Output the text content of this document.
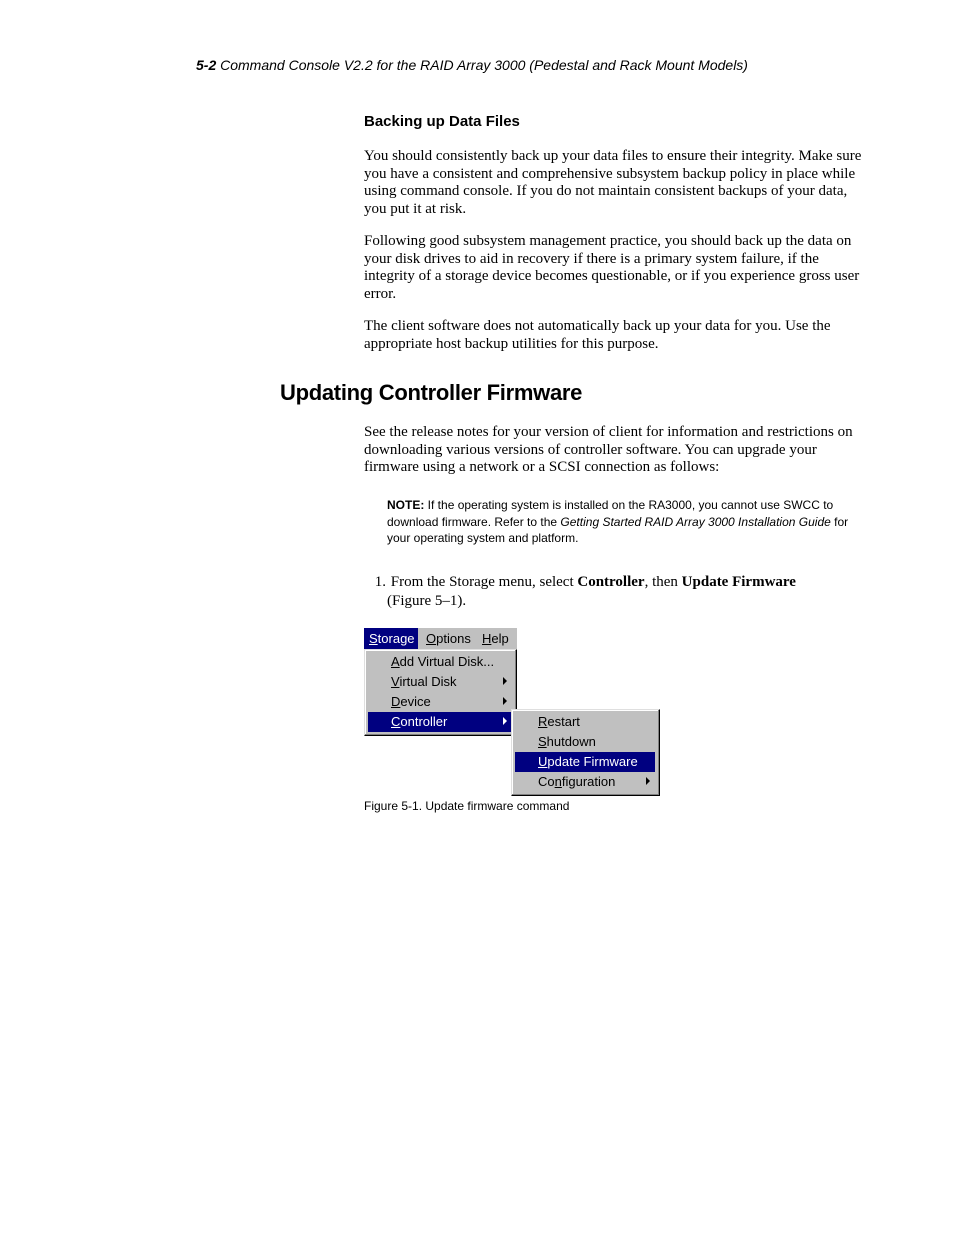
5-2 Command Console V2.2 for the RAID Array 3000 (Pedestal and Rack Mount Models)
Backing up Data Files

You should consistently back up your data files to ensure their integrity. Make sure you have a consistent and comprehensive subsystem backup policy in place while using command console. If you do not maintain consistent backups of your data, you put it at risk.

Following good subsystem management practice, you should back up the data on your disk drives to aid in recovery if there is a primary system failure, if the integrity of a storage device becomes questionable, or if you experience gross user error.

The client software does not automatically back up your data for you. Use the appropriate host backup utilities for this purpose.

Updating Controller Firmware

See the release notes for your version of client for information and restrictions on downloading various versions of controller software. You can upgrade your firmware using a network or a SCSI connection as follows:

NOTE: If the operating system is installed on the RA3000, you cannot use SWCC to download firmware. Refer to the Getting Started RAID Array 3000 Installation Guide for your operating system and platform.
1. From the Storage menu, select Controller, then Update Firmware
(Figure 5–1).
Storage Options Help
Add Virtual Disk...
Virtual Disk
Device
Controller	Restart
Shutdown
Update Firmware
Configuration
Figure 5-1. Update firmware command
